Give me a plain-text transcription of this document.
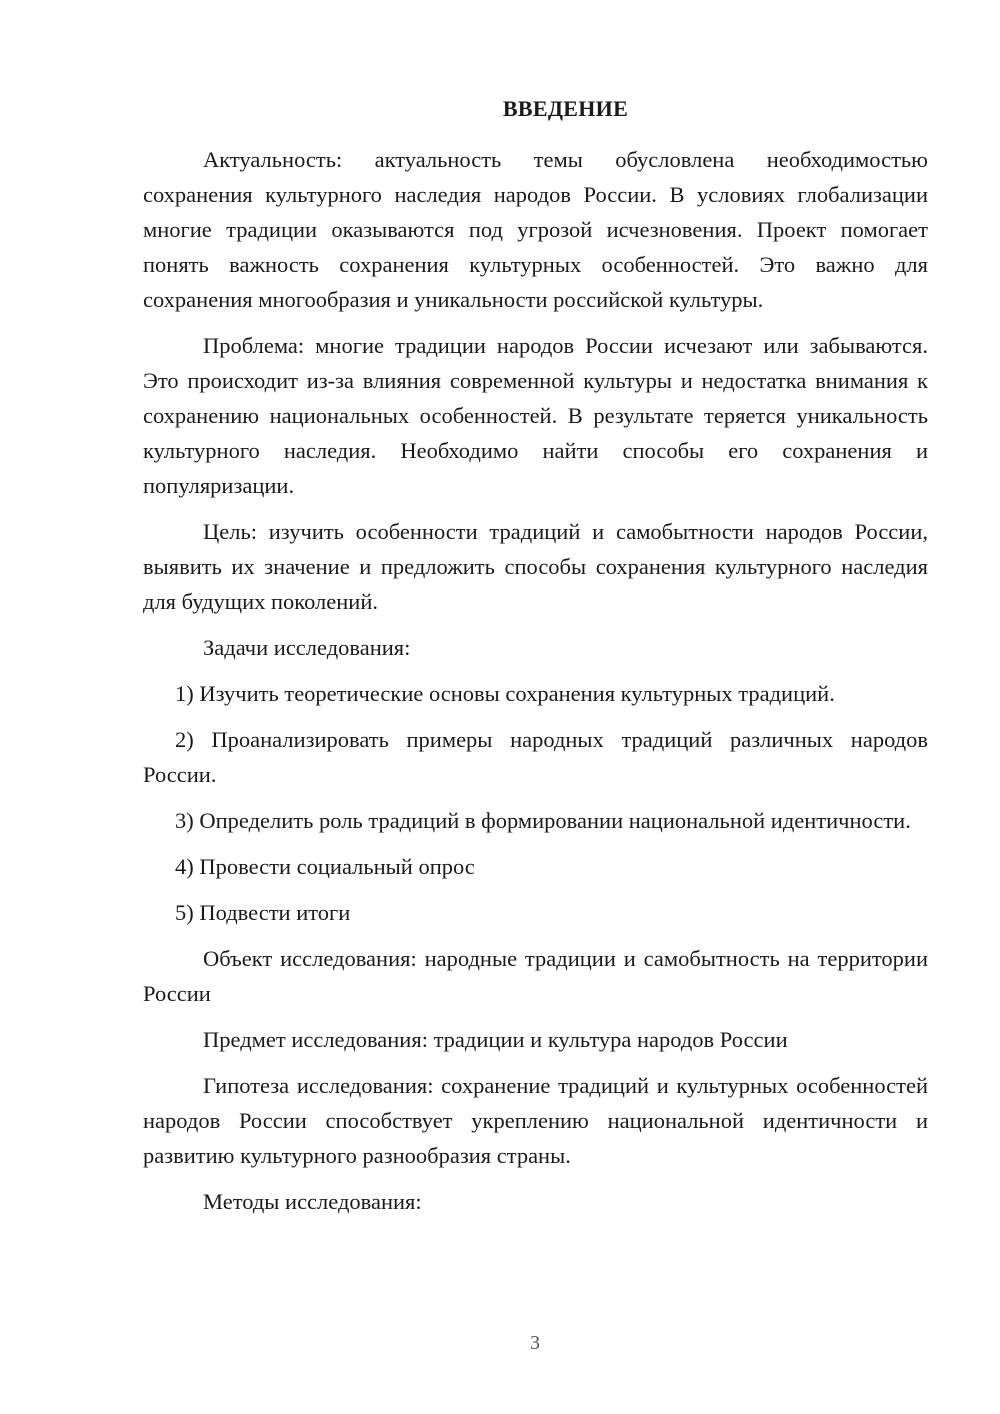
ВВЕДЕНИЕ

Актуальность: актуальность темы обусловлена необходимостью сохранения культурного наследия народов России. В условиях глобализации многие традиции оказываются под угрозой исчезновения. Проект помогает понять важность сохранения культурных особенностей. Это важно для сохранения многообразия и уникальности российской культуры.

Проблема: многие традиции народов России исчезают или забываются. Это происходит из-за влияния современной культуры и недостатка внимания к сохранению национальных особенностей. В результате теряется уникальность культурного наследия. Необходимо найти способы его сохранения и популяризации.

Цель: изучить особенности традиций и самобытности народов России, выявить их значение и предложить способы сохранения культурного наследия для будущих поколений.

Задачи исследования:

1) Изучить теоретические основы сохранения культурных традиций.

2) Проанализировать примеры народных традиций различных народов России.

3) Определить роль традиций в формировании национальной идентичности.

4) Провести социальный опрос

5) Подвести итоги

Объект исследования: народные традиции и самобытность на территории России

Предмет исследования: традиции и культура народов России

Гипотеза исследования: сохранение традиций и культурных особенностей народов России способствует укреплению национальной идентичности и развитию культурного разнообразия страны.

Методы исследования:

3
